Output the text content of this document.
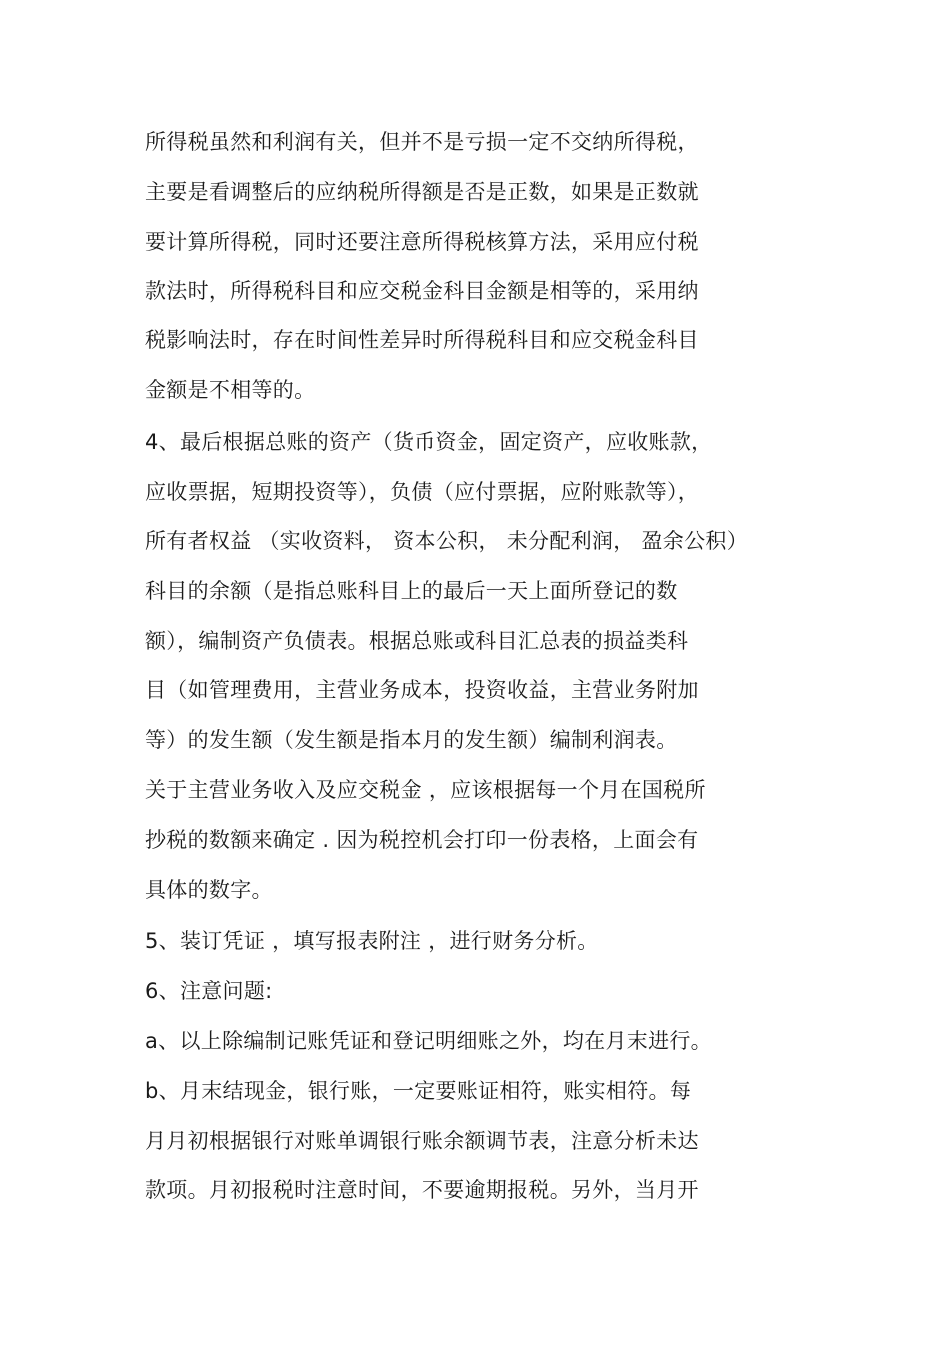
所得税虽然和利润有关，但并不是亏损一定不交纳所得税，
主要是看调整后的应纳税所得额是否是正数，如果是正数就
要计算所得税，同时还要注意所得税核算方法，采用应付税
款法时，所得税科目和应交税金科目金额是相等的，采用纳
税影响法时，存在时间性差异时所得税科目和应交税金科目
金额是不相等的。
4、最后根据总账的资产（货币资金，固定资产，应收账款，
应收票据，短期投资等），负债（应付票据，应附账款等），
所有者权益 （实收资料， 资本公积， 未分配利润， 盈余公积）
科目的余额（是指总账科目上的最后一天上面所登记的数
额），编制资产负债表。根据总账或科目汇总表的损益类科
目（如管理费用，主营业务成本，投资收益，主营业务附加
等）的发生额（发生额是指本月的发生额）编制利润表。
关于主营业务收入及应交税金 ，应该根据每一个月在国税所
抄税的数额来确定 . 因为税控机会打印一份表格，上面会有
具体的数字。
5、装订凭证 ，填写报表附注 ，进行财务分析。
6、注意问题:
a、以上除编制记账凭证和登记明细账之外，均在月末进行。
b、月末结现金，银行账，一定要账证相符，账实相符。每
月月初根据银行对账单调银行账余额调节表，注意分析未达
款项。月初报税时注意时间，不要逾期报税。另外，当月开
